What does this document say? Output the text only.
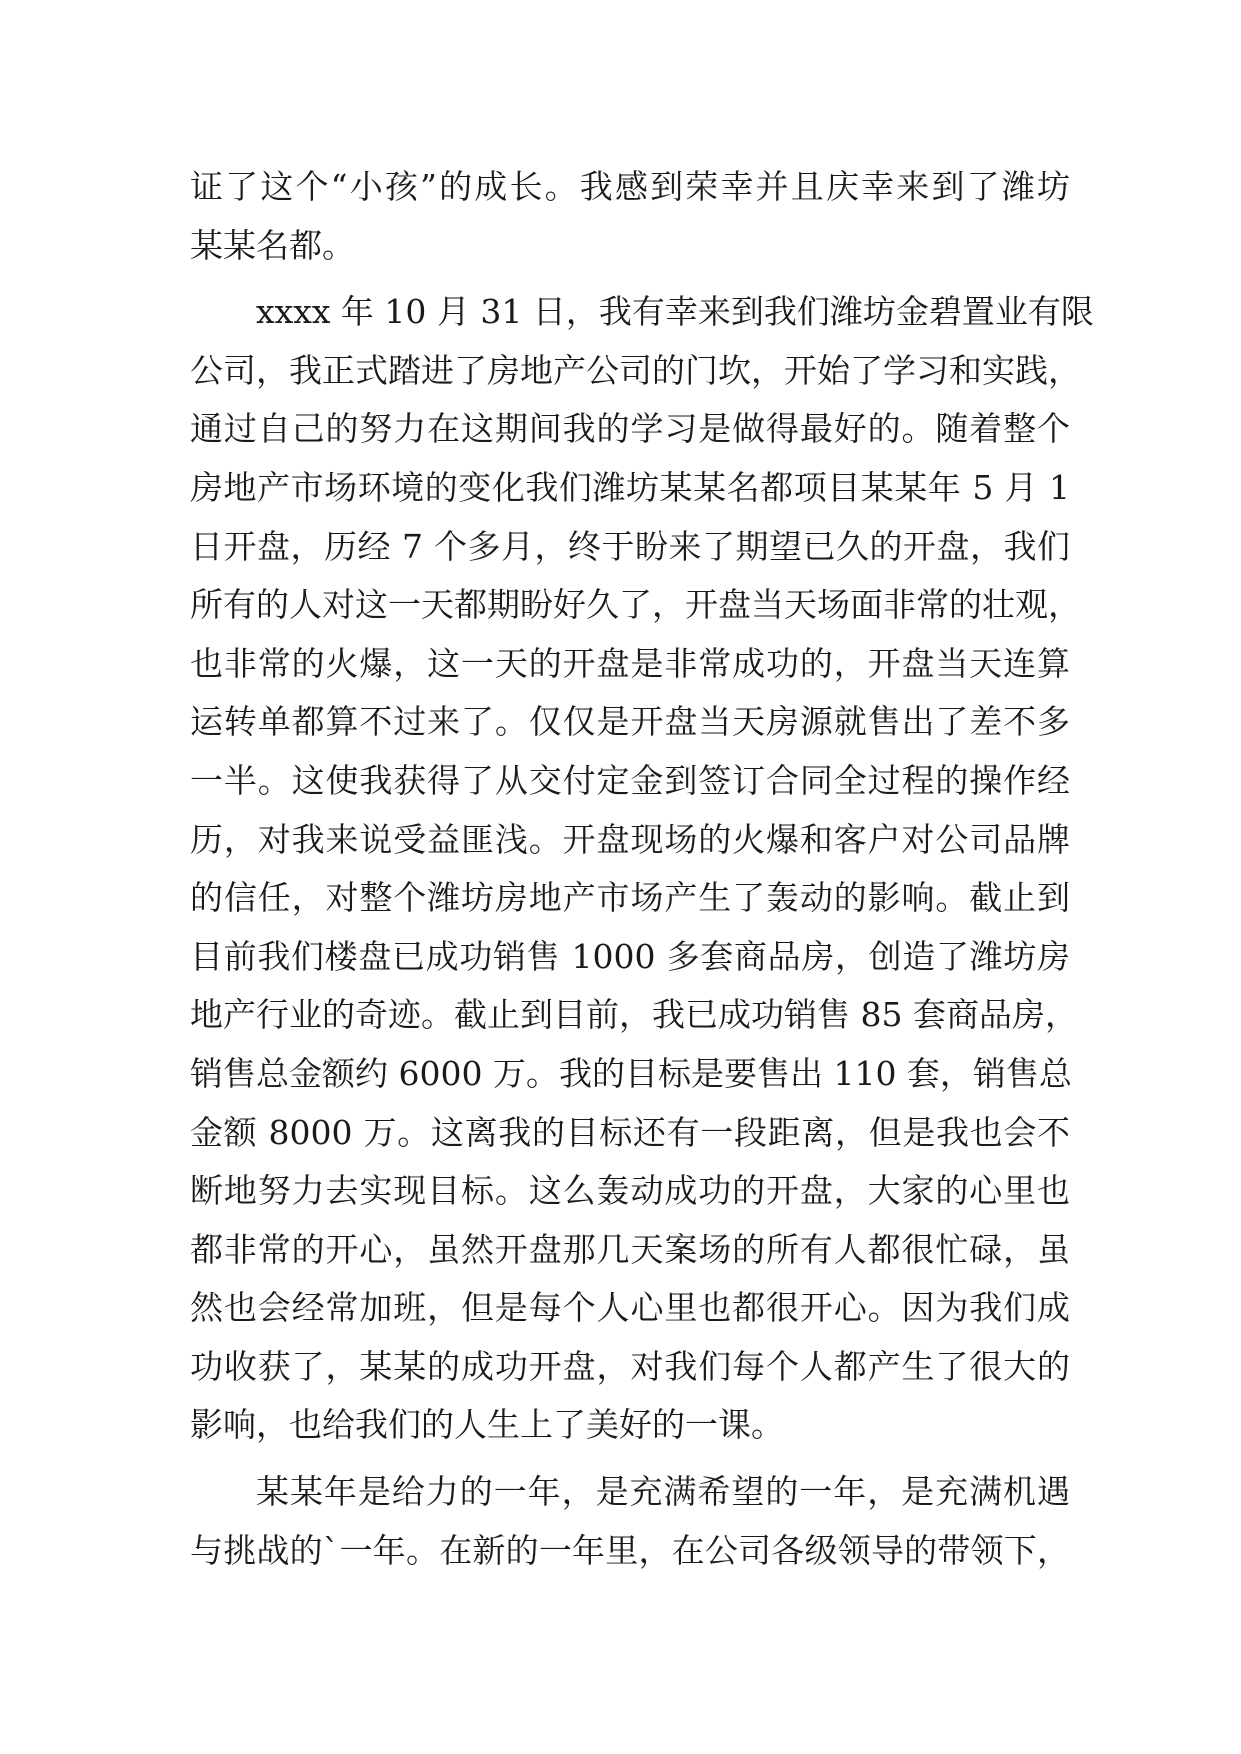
证了这个“小孩”的成长。我感到荣幸并且庆幸来到了潍坊
某某名都。
xxxx 年 10 月 31 日，我有幸来到我们潍坊金碧置业有限
公司，我正式踏进了房地产公司的门坎，开始了学习和实践，
通过自己的努力在这期间我的学习是做得最好的。随着整个
房地产市场环境的变化我们潍坊某某名都项目某某年 5 月 1
日开盘，历经 7 个多月，终于盼来了期望已久的开盘，我们
所有的人对这一天都期盼好久了，开盘当天场面非常的壮观，
也非常的火爆，这一天的开盘是非常成功的，开盘当天连算
运转单都算不过来了。仅仅是开盘当天房源就售出了差不多
一半。这使我获得了从交付定金到签订合同全过程的操作经
历，对我来说受益匪浅。开盘现场的火爆和客户对公司品牌
的信任，对整个潍坊房地产市场产生了轰动的影响。截止到
目前我们楼盘已成功销售 1000 多套商品房，创造了潍坊房
地产行业的奇迹。截止到目前，我已成功销售 85 套商品房，
销售总金额约 6000 万。我的目标是要售出 110 套，销售总
金额 8000 万。这离我的目标还有一段距离，但是我也会不
断地努力去实现目标。这么轰动成功的开盘，大家的心里也
都非常的开心，虽然开盘那几天案场的所有人都很忙碌，虽
然也会经常加班，但是每个人心里也都很开心。因为我们成
功收获了，某某的成功开盘，对我们每个人都产生了很大的
影响，也给我们的人生上了美好的一课。
某某年是给力的一年，是充满希望的一年，是充满机遇
与挑战的`一年。在新的一年里，在公司各级领导的带领下，
